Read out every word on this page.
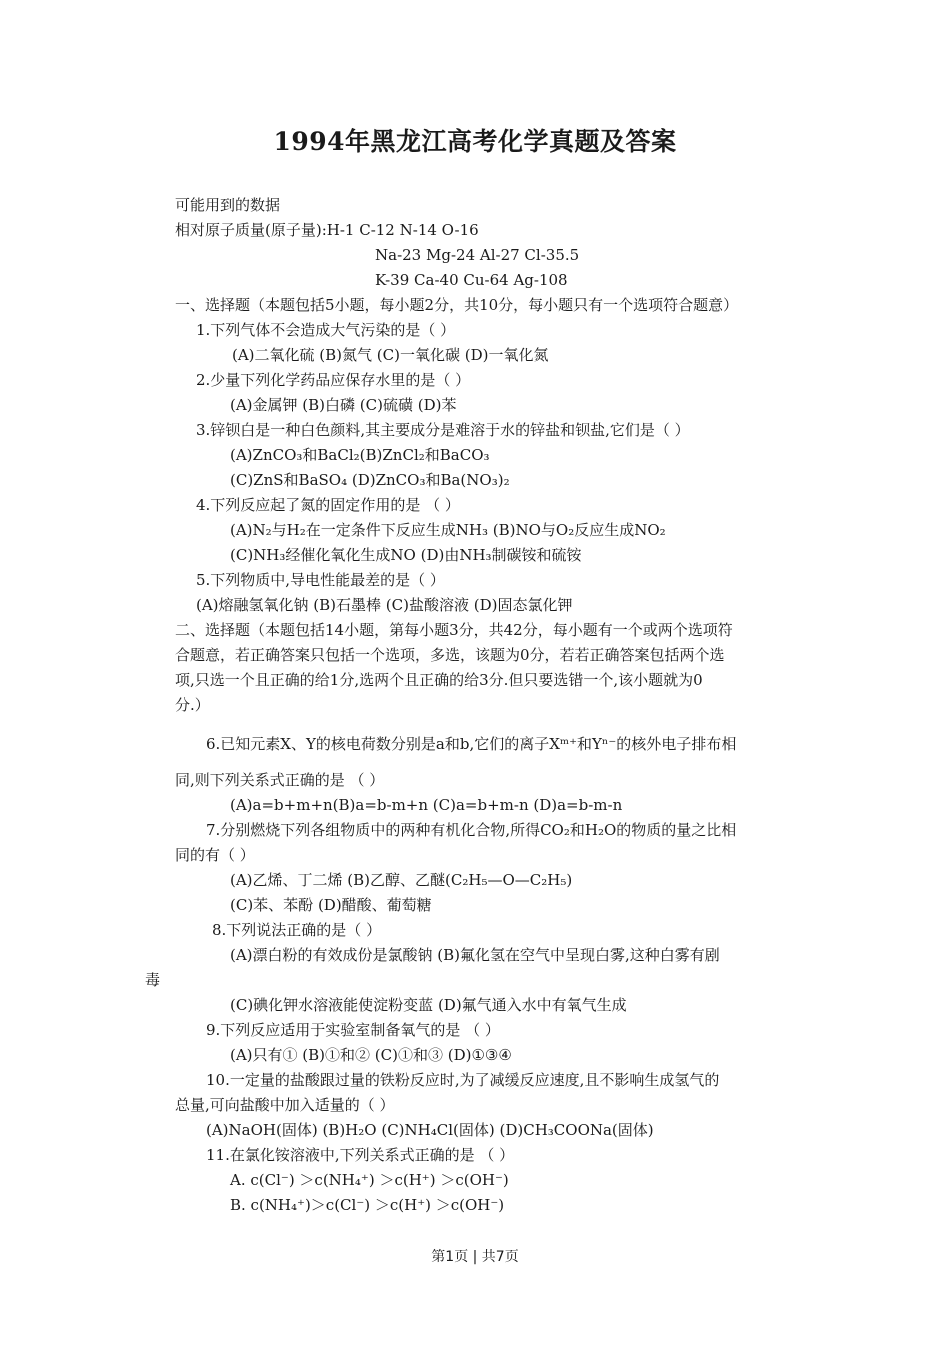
1994年黑龙江高考化学真题及答案
可能用到的数据
相对原子质量(原子量):H-1 C-12 N-14 O-16
Na-23 Mg-24 Al-27 Cl-35.5
K-39 Ca-40 Cu-64 Ag-108
一、选择题（本题包括5小题，每小题2分，共10分，每小题只有一个选项符合题意）
1.下列气体不会造成大气污染的是（ ）
(A)二氧化硫 (B)氮气 (C)一氧化碳 (D)一氧化氮
2.少量下列化学药品应保存水里的是（ ）
(A)金属钾 (B)白磷 (C)硫磺 (D)苯
3.锌钡白是一种白色颜料,其主要成分是难溶于水的锌盐和钡盐,它们是（ ）
(A)ZnCO₃和BaCl₂(B)ZnCl₂和BaCO₃
(C)ZnS和BaSO₄ (D)ZnCO₃和Ba(NO₃)₂
4.下列反应起了氮的固定作用的是 （ ）
(A)N₂与H₂在一定条件下反应生成NH₃ (B)NO与O₂反应生成NO₂
(C)NH₃经催化氧化生成NO (D)由NH₃制碳铵和硫铵
5.下列物质中,导电性能最差的是（ ）
(A)熔融氢氧化钠 (B)石墨棒 (C)盐酸溶液 (D)固态氯化钾
二、选择题（本题包括14小题，第每小题3分，共42分，每小题有一个或两个选项符
合题意，若正确答案只包括一个选项，多选，该题为0分，若若正确答案包括两个选
项,只选一个且正确的给1分,选两个且正确的给3分.但只要选错一个,该小题就为0
分.）
6.已知元素X、Y的核电荷数分别是a和b,它们的离子Xᵐ⁺和Yⁿ⁻的核外电子排布相
同,则下列关系式正确的是 （ ）
(A)a=b+m+n(B)a=b-m+n (C)a=b+m-n (D)a=b-m-n
7.分别燃烧下列各组物质中的两种有机化合物,所得CO₂和H₂O的物质的量之比相
同的有（ ）
(A)乙烯、丁二烯 (B)乙醇、乙醚(C₂H₅—O—C₂H₅)
(C)苯、苯酚 (D)醋酸、葡萄糖
8.下列说法正确的是（ ）
(A)漂白粉的有效成份是氯酸钠 (B)氟化氢在空气中呈现白雾,这种白雾有剧
毒
(C)碘化钾水溶液能使淀粉变蓝 (D)氟气通入水中有氧气生成
9.下列反应适用于实验室制备氧气的是 （ ）
(A)只有① (B)①和② (C)①和③ (D)①③④
10.一定量的盐酸跟过量的铁粉反应时,为了减缓反应速度,且不影响生成氢气的
总量,可向盐酸中加入适量的（ ）
(A)NaOH(固体) (B)H₂O (C)NH₄Cl(固体) (D)CH₃COONa(固体)
11.在氯化铵溶液中,下列关系式正确的是 （ ）
A. c(Cl⁻) ＞c(NH₄⁺) ＞c(H⁺) ＞c(OH⁻)
B. c(NH₄⁺)＞c(Cl⁻) ＞c(H⁺) ＞c(OH⁻)
第1页 | 共7页
